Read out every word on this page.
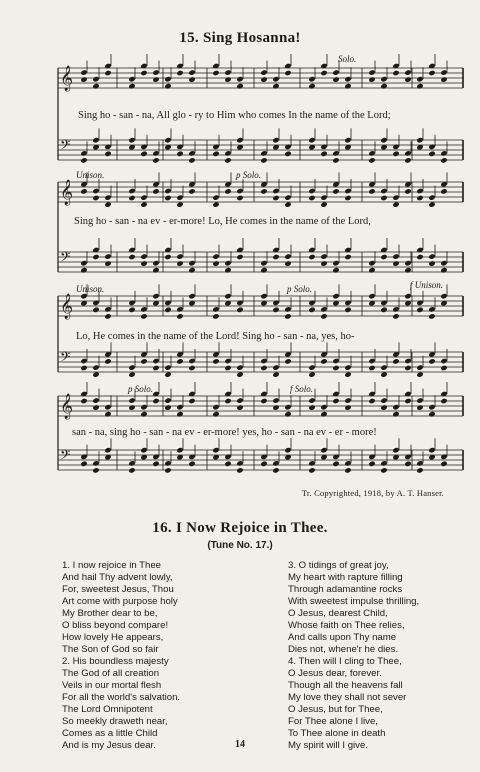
15. Sing Hosanna!
𝄞
𝄢
𝄞
𝄢
𝄞
𝄢
𝄞
𝄢
Solo.
Unison.	p Solo.
Unison.	p Solo.	f Unison.
p Solo.	f Solo.
Sing ho - san - na, All glo - ry to Him who comes In the name of the Lord;
Sing ho - san - na ev - er-more! Lo, He comes in the name of the Lord,
Lo, He comes in the name of the Lord! Sing ho - san - na, yes, ho-
san - na, sing ho - san - na ev - er-more! yes, ho - san - na ev - er - more!
Tr. Copyrighted, 1918, by A. T. Hanser.
16. I Now Rejoice in Thee.
(Tune No. 17.)
1. I now rejoice in Thee
And hail Thy advent lowly,
For, sweetest Jesus, Thou
Art come with purpose holy
My Brother dear to be,
O bliss beyond compare!
How lovely He appears,
The Son of God so fair
2. His boundless majesty
The God of all creation
Veils in our mortal flesh
For all the world's salvation.
The Lord Omnipotent
So meekly draweth near,
Comes as a little Child
And is my Jesus dear.
3. O tidings of great joy,
My heart with rapture filling
Through adamantine rocks
With sweetest impulse thrilling,
O Jesus, dearest Child,
Whose faith on Thee relies,
And calls upon Thy name
Dies not, whene'r he dies.
4. Then will I cling to Thee,
O Jesus dear, forever.
Though all the heavens fall
My love they shall not sever
O Jesus, but for Thee,
For Thee alone I live,
To Thee alone in death
My spirit will I give.
14
